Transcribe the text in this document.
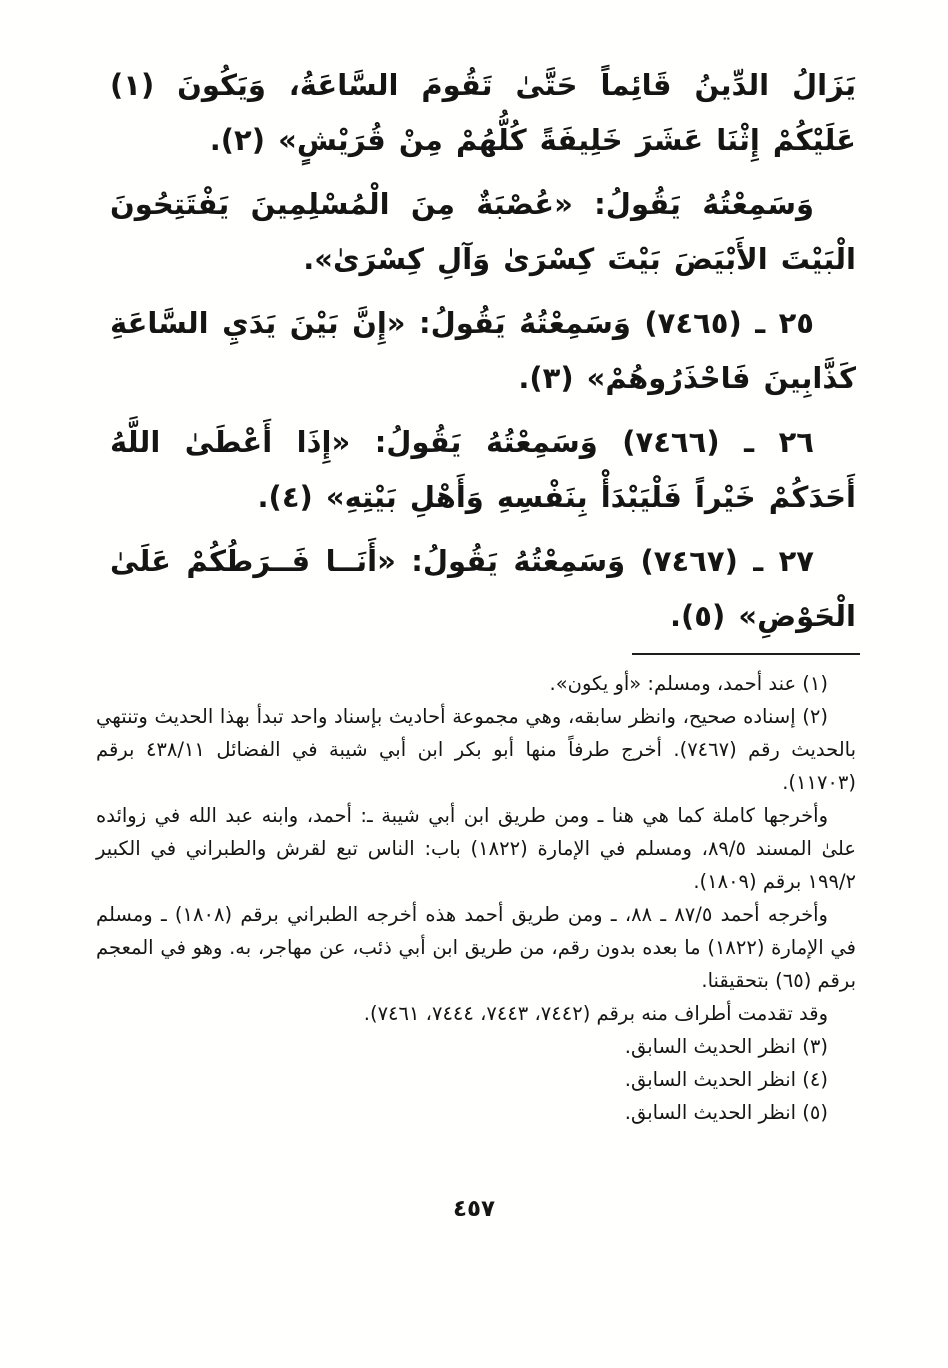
يَزَالُ الدِّينُ قَائِماً حَتَّىٰ تَقُومَ السَّاعَةُ، وَيَكُونَ (١) عَلَيْكُمْ إِثْنَا عَشَرَ خَلِيفَةً كُلُّهُمْ مِنْ قُرَيْشٍ» (٢).

وَسَمِعْتُهُ يَقُولُ: «عُصْبَةٌ مِنَ الْمُسْلِمِينَ يَفْتَتِحُونَ الْبَيْتَ الأَبْيَضَ بَيْتَ كِسْرَىٰ وَآلِ كِسْرَىٰ».

٢٥ ـ (٧٤٦٥) وَسَمِعْتُهُ يَقُولُ: «إِنَّ بَيْنَ يَدَيِ السَّاعَةِ كَذَّابِينَ فَاحْذَرُوهُمْ» (٣).

٢٦ ـ (٧٤٦٦) وَسَمِعْتُهُ يَقُولُ: «إِذَا أَعْطَىٰ اللَّهُ أَحَدَكُمْ خَيْراً فَلْيَبْدَأْ بِنَفْسِهِ وَأَهْلِ بَيْتِهِ» (٤).

٢٧ ـ (٧٤٦٧) وَسَمِعْتُهُ يَقُولُ: «أَنَــا فَــرَطُكُمْ عَلَىٰ الْحَوْضِ» (٥).

(١) عند أحمد، ومسلم: «أو يكون».

(٢) إسناده صحيح، وانظر سابقه، وهي مجموعة أحاديث بإسناد واحد تبدأ بهذا الحديث وتنتهي بالحديث رقم (٧٤٦٧). أخرج طرفاً منها أبو بكر ابن أبي شيبة في الفضائل ٤٣٨/١١ برقم (١١٧٠٣).

وأخرجها كاملة كما هي هنا ـ ومن طريق ابن أبي شيبة ـ: أحمد، وابنه عبد الله في زوائده علىٰ المسند ٨٩/٥، ومسلم في الإمارة (١٨٢٢) باب: الناس تبع لقرش والطبراني في الكبير ١٩٩/٢ برقم (١٨٠٩).

وأخرجه أحمد ٨٧/٥ ـ ٨٨، ـ ومن طريق أحمد هذه أخرجه الطبراني برقم (١٨٠٨) ـ ومسلم في الإمارة (١٨٢٢) ما بعده بدون رقم، من طريق ابن أبي ذئب، عن مهاجر، به. وهو في المعجم برقم (٦٥) بتحقيقنا.

وقد تقدمت أطراف منه برقم (٧٤٤٢، ٧٤٤٣، ٧٤٤٤، ٧٤٦١).

(٣) انظر الحديث السابق.

(٤) انظر الحديث السابق.

(٥) انظر الحديث السابق.

٤٥٧
